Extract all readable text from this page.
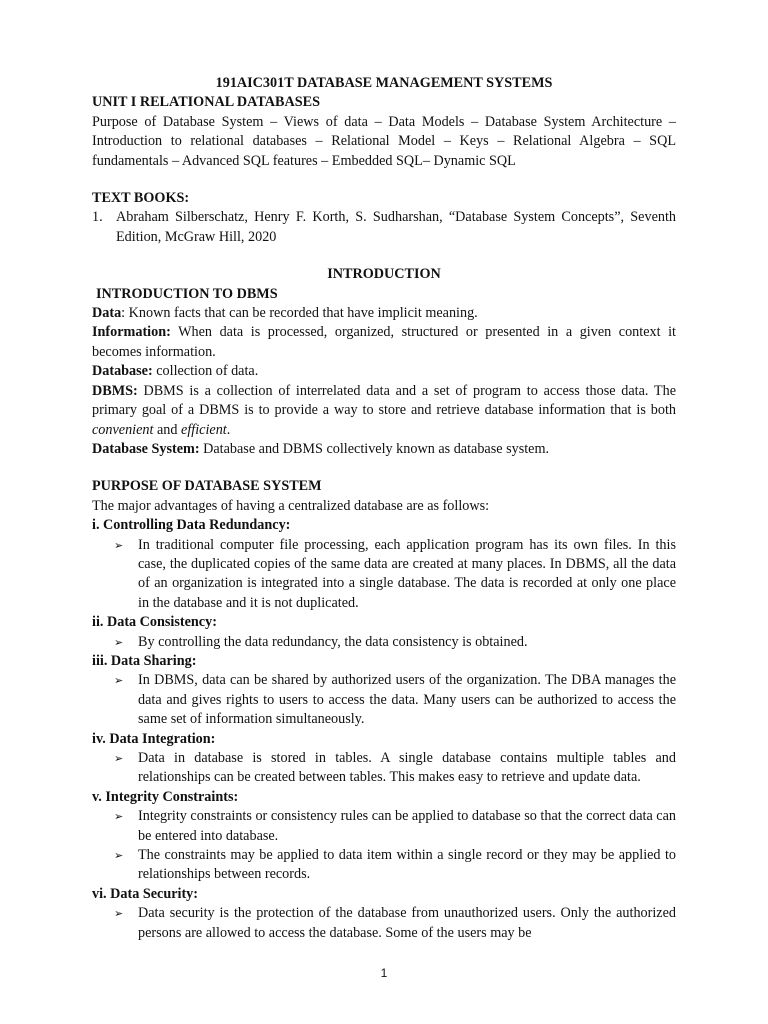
191AIC301T DATABASE MANAGEMENT SYSTEMS

UNIT I RELATIONAL DATABASES

Purpose of Database System – Views of data – Data Models – Database System Architecture – Introduction to relational databases – Relational Model – Keys – Relational Algebra – SQL fundamentals – Advanced SQL features – Embedded SQL– Dynamic SQL

TEXT BOOKS:

1. Abraham Silberschatz, Henry F. Korth, S. Sudharshan, “Database System Concepts”, Seventh Edition, McGraw Hill, 2020

INTRODUCTION

INTRODUCTION TO DBMS

Data: Known facts that can be recorded that have implicit meaning.

Information: When data is processed, organized, structured or presented in a given context it becomes information.

Database: collection of data.

DBMS: DBMS is a collection of interrelated data and a set of program to access those data. The primary goal of a DBMS is to provide a way to store and retrieve database information that is both convenient and efficient.

Database System: Database and DBMS collectively known as database system.

PURPOSE OF DATABASE SYSTEM

The major advantages of having a centralized database are as follows:

i. Controlling Data Redundancy:

➢	In traditional computer file processing, each application program has its own files. In this case, the duplicated copies of the same data are created at many places. In DBMS, all the data of an organization is integrated into a single database. The data is recorded at only one place in the database and it is not duplicated.

ii. Data Consistency:

➢	By controlling the data redundancy, the data consistency is obtained.

iii. Data Sharing:

➢	In DBMS, data can be shared by authorized users of the organization. The DBA manages the data and gives rights to users to access the data. Many users can be authorized to access the same set of information simultaneously.

iv. Data Integration:

➢	Data in database is stored in tables. A single database contains multiple tables and relationships can be created between tables. This makes easy to retrieve and update data.

v. Integrity Constraints:

➢	Integrity constraints or consistency rules can be applied to database so that the correct data can be entered into database.
➢	The constraints may be applied to data item within a single record or they may be applied to relationships between records.

vi. Data Security:

➢	Data security is the protection of the database from unauthorized users. Only the authorized persons are allowed to access the database. Some of the users may be
1
